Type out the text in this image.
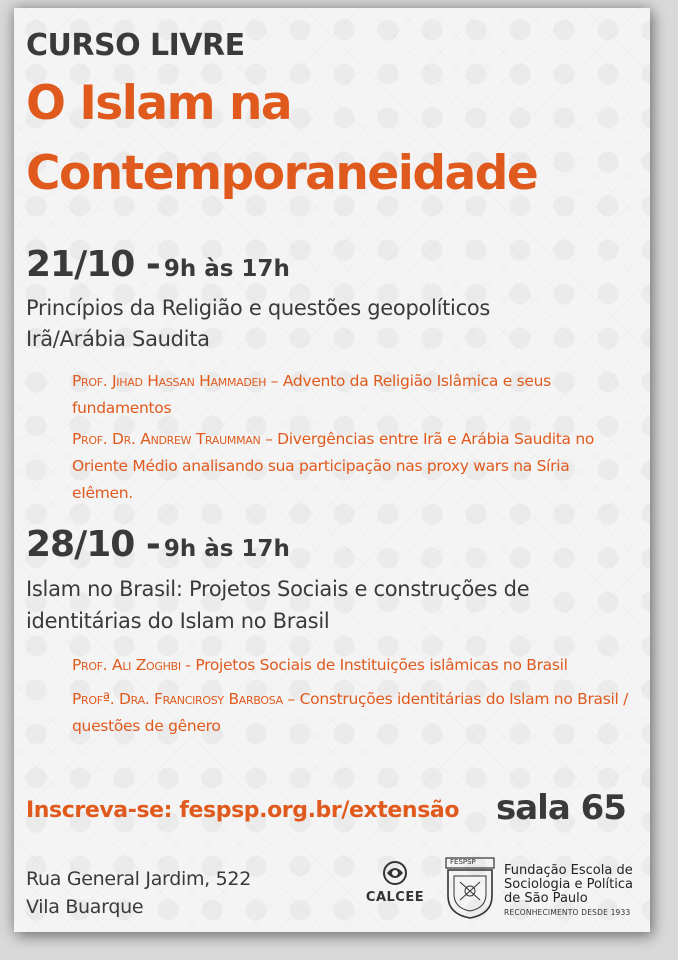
CURSO LIVRE
O Islam na
Contemporaneidade
21/10 - 9h às 17h
Princípios da Religião e questões geopolíticos
Irã/Arábia Saudita
Prof. Jihad Hassan Hammadeh – Advento da Religião Islâmica e seus fundamentos
Prof. Dr. Andrew Traumman – Divergências entre Irã e Arábia Saudita no Oriente Médio analisando sua participação nas proxy wars na Síria eIêmen.
28/10 - 9h às 17h
Islam no Brasil: Projetos Sociais e construções de
identitárias do Islam no Brasil
Prof. Ali Zoghbi - Projetos Sociais de Instituições islâmicas no Brasil
Profª. Dra. Francirosy Barbosa – Construções identitárias do Islam no Brasil / questões de gênero
Inscreva-se: fespsp.org.br/extensão sala 65
Rua General Jardim, 522
Vila Buarque	CALCEE
FESPSP
Fundação Escola de Sociologia e Política de São Paulo
RECONHECIMENTO DESDE 1933
